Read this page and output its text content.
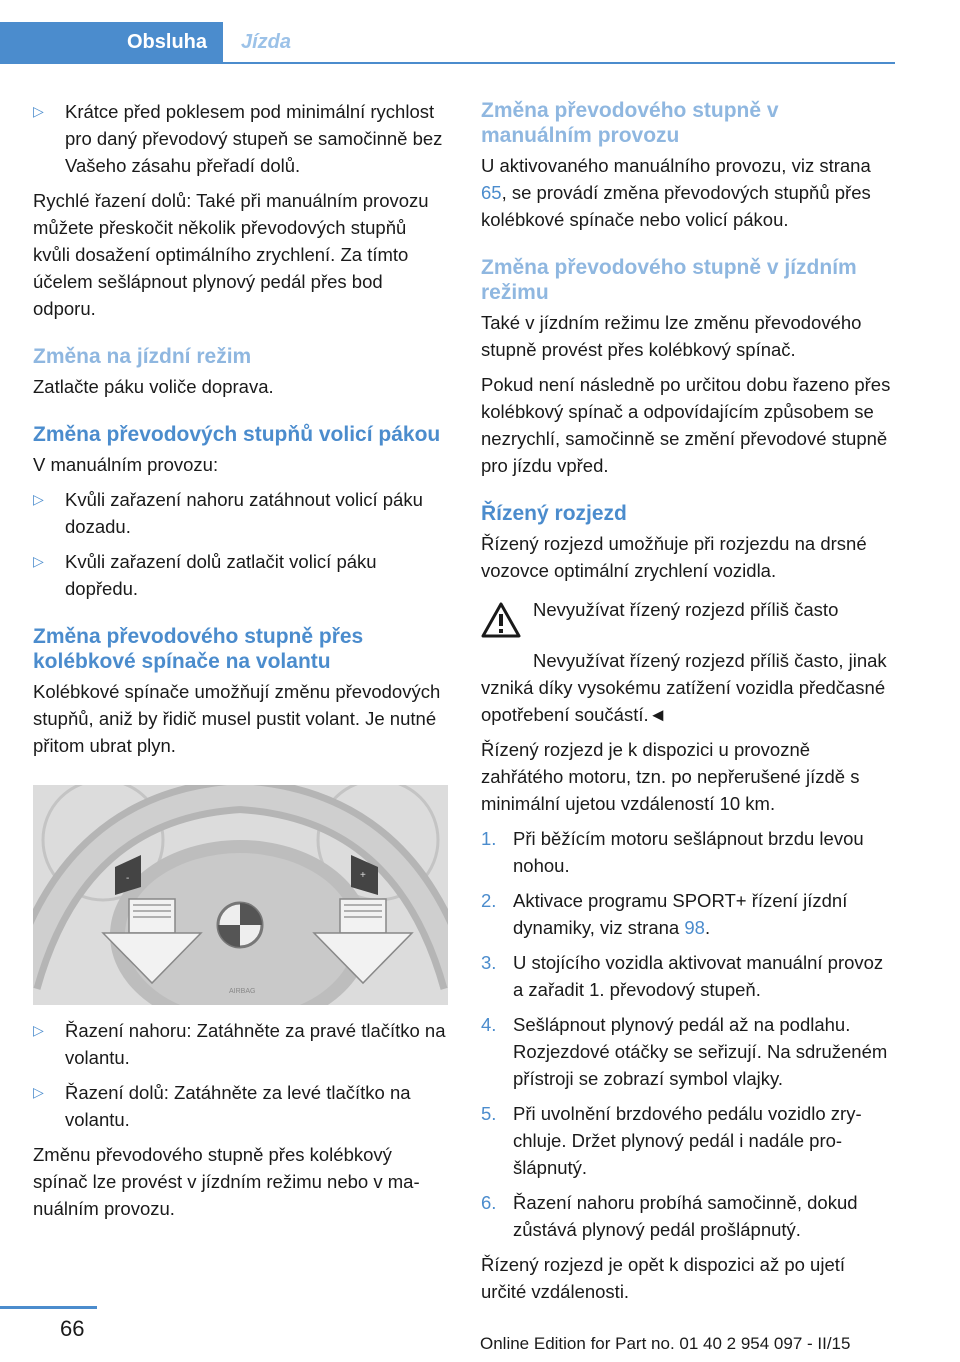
Obsluha	Jízda
▷	Krátce před poklesem pod minimální rychlost pro daný převodový stupeň se samočinně bez Vašeho zásahu přeřadí dolů.

Rychlé řazení dolů: Také při manuálním provozu můžete přeskočit několik převodových stupňů kvůli dosažení optimálního zrychlení. Za tímto účelem sešlápnout plynový pedál přes bod odporu.

Změna na jízdní režim

Zatlačte páku voliče doprava.

Změna převodových stupňů volicí pákou

V manuálním provozu:

▷	Kvůli zařazení nahoru zatáhnout volicí páku dozadu.
▷	Kvůli zařazení dolů zatlačit volicí páku dopředu.
Změna převodového stupně přes kolébkové spínače na volantu

Kolébkové spínače umožňují změnu převodových stupňů, aniž by řidič musel pustit volant. Je nutné přitom ubrat plyn.

-	+
AIRBAG
▷	Řazení nahoru: Zatáhněte za pravé tlačítko na volantu.
▷	Řazení dolů: Zatáhněte za levé tlačítko na volantu.

Změnu převodového stupně přes kolébkový spínač lze provést v jízdním režimu nebo v manuálním provozu.

Změna převodového stupně v manuálním provozu

U aktivovaného manuálního provozu, viz strana 65, se provádí změna převodových stupňů přes kolébkové spínače nebo volicí pákou.

Změna převodového stupně v jízdním režimu

Také v jízdním režimu lze změnu převodového stupně provést přes kolébkový spínač.

Pokud není následně po určitou dobu řazeno přes kolébkový spínač a odpovídajícím způsobem se nezrychlí, samočinně se změní převodové stupně pro jízdu vpřed.

Řízený rozjezd

Řízený rozjezd umožňuje při rozjezdu na drsné vozovce optimální zrychlení vozidla.

Nevyužívat řízený rozjezd příliš často

Nevyužívat řízený rozjezd příliš často, jinak vzniká díky vysokému zatížení vozidla předčasné opotřebení součástí.◄

Řízený rozjezd je k dispozici u provozně zahřátého motoru, tzn. po nepřerušené jízdě s minimální ujetou vzdáleností 10 km.

1. Při běžícím motoru sešlápnout brzdu levou nohou.
2. Aktivace programu SPORT+ řízení jízdní dynamiky, viz strana 98.
3. U stojícího vozidla aktivovat manuální provoz a zařadit 1. převodový stupeň.
4. Sešlápnout plynový pedál až na podlahu. Rozjezdové otáčky se seřizují. Na sdruženém přístroji se zobrazí symbol vlajky.
5. Při uvolnění brzdového pedálu vozidlo zrychluje. Držet plynový pedál i nadále prošlápnutý.
6. Řazení nahoru probíhá samočinně, dokud zůstává plynový pedál prošlápnutý.

Řízený rozjezd je opět k dispozici až po ujetí určité vzdálenosti.

66
Online Edition for Part no. 01 40 2 954 097 - II/15
